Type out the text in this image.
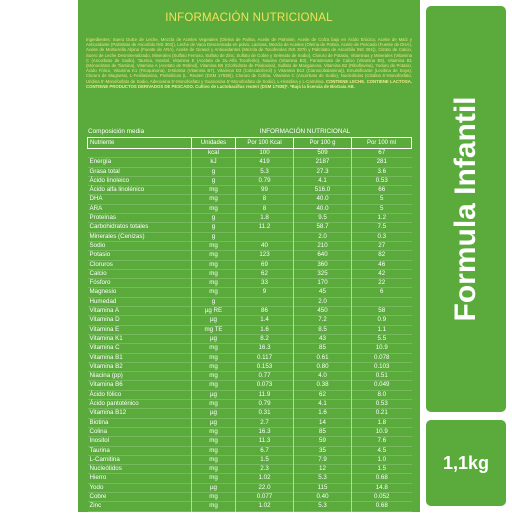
INFORMACIÓN NUTRICIONAL
Ingredientes: Suero Dulce de Leche, Mezcla de Aceites Vegetales (Oleína de Palma, Aceite de Palmiste, Aceite de Colza bajo en Ácido Erúcico, Aceite de Maíz y Antioxidante (Palmitato de Ascorbilo INS 304)), Leche de Vaca Descremada en polvo, Lactosa, Mezcla de Aceites (Oleína de Palma, Aceite de Pescado (Fuente de DHA), Aceite de Mortierella Alpina (Fuente de ARA), Aceite de Girasol y Antioxidantes (Mezcla de Tocoferoles INS 307b y Palmitato de Ascorbilo INS 304)), Citrato de Calcio, Suero de Leche Desmineralizado, Minerales (Sulfato Ferroso, Sulfato de Zinc, Sulfato de Cobre y Selenato de Sodio), Cloruro de Potasio, Vitaminas y Minerales (Vitamina C (Ascorbato de Sodio), Taurina, Inositol, Vitamina E (Acetato de DL-Alfa Tocoferilo), Niacina (Vitamina B3), Pantotenato de Calcio (Vitamina B5), Vitamina B1 (Mononitrato de Tiamina), Vitamina A (Acetato de Retinol), Vitamina B6 (Clorhidrato de Piridoxina), Sulfato de Manganeso, Vitamina B2 (Riboflavina), Yoduro de Potasio, Ácido Fólico, Vitamina K1 (Fitoquinona), D-Biotina (Vitamina B7), Vitamina D3 (Colecalciferol) y Vitamina B12 (Cianocobalamina)), Emulsificante (Lecitina de Soya), Cloruro de Magnesio, L-Fenilalanina, Prebióticos (L. Reuteri (DSM 17938)), Cloruro de Colina, Vitamina C (Ascorbato de Sodio), Nucleótidos (Citidina 5'-Monofosfato, Uridina 5'-Monofosfato de Sodio, Adenosina 5'-Monofosfato y Guanosina 5'-Monofosfato de Sodio), L-Histidina y L-Carnitina. CONTIENE LECHE. CONTIENE LACTOSA. CONTIENE PRODUCTOS DERIVADOS DE PESCADO. Cultivo de Lactobacillus reuteri (DSM 17938)*. *Bajo la licencia de BioGaia AB.
Composición media	INFORMACIÓN NUTRICIONAL
Nutriente	Unidades	Por 100 Kcal	Por 100 g	Por 100 ml
	kcal	100	509	67
Energía	kJ	419	2187	281
Grasa total	g	5.3	27.3	3.6
Ácido linoleico	g	0.79	4.1	0.53
Ácido alfa linolénico	mg	99	516.0	66
DHA	mg	8	40.0	5
ARA	mg	8	40.0	5
Proteínas	g	1.8	9.5	1.2
Carbohidratos totales	g	11.2	58.7	7.5
Minerales (Cenizas)	g		2.0	0.3
Sodio	mg	40	210	27
Potasio	mg	123	640	82
Cloruros	mg	69	360	46
Calcio	mg	62	325	42
Fósforo	mg	33	170	22
Magnesio	mg	9	45	6
Humedad	g		2.0	
Vitamina A	µg RE	86	450	58
Vitamina D	µg	1.4	7.2	0.9
Vitamina E	mg TE	1.6	8.5	1.1
Vitamina K1	µg	8.2	43	5.5
Vitamina C	mg	16.3	85	10.9
Vitamina B1	mg	0.117	0.61	0.078
Vitamina B2	mg	0.153	0.80	0.103
Niacina (pp)	mg	0.77	4.0	0.51
Vitamina B6	mg	0.073	0.38	0.049
Ácido fólico	µg	11.9	62	8.0
Ácido pantoténico	mg	0.79	4.1	0.53
Vitamina B12	µg	0.31	1.6	0.21
Biotina	µg	2.7	14	1.8
Colina	mg	16.3	85	10.9
Inositol	mg	11.3	59	7.6
Taurina	mg	6.7	35	4.5
L-Carnitina	mg	1.5	7.9	1.0
Nucleótidos	mg	2.3	12	1.5
Hierro	mg	1.02	5.3	0.68
Yodo	µg	22.0	115	14.8
Cobre	mg	0.077	0.40	0.052
Zinc	mg	1.02	5.3	0.68
Manganeso	µg	19.2	100	12.8
Selenio	µg	2.0	10	1.3
Formula Infantil
1,1kg
